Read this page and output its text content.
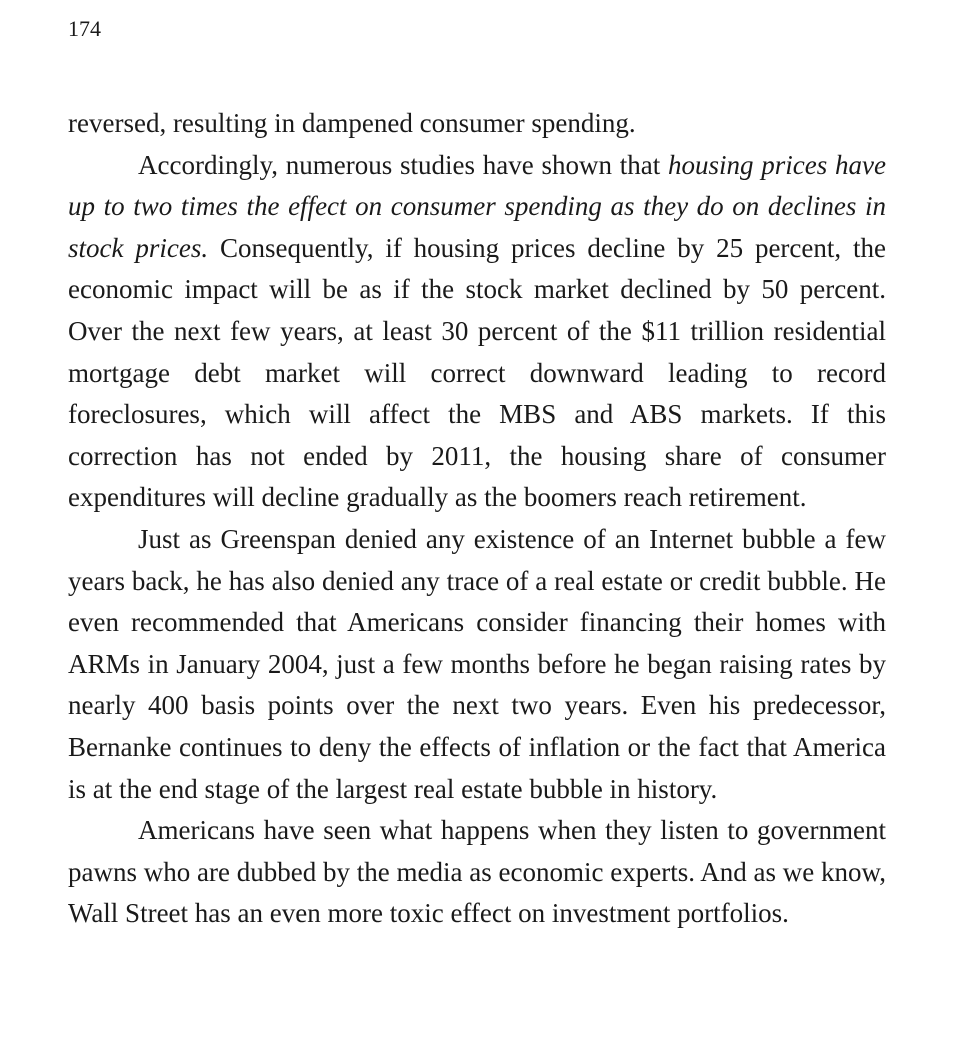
174

reversed, resulting in dampened consumer spending.

Accordingly, numerous studies have shown that housing prices have up to two times the effect on consumer spending as they do on declines in stock prices. Consequently, if housing prices decline by 25 percent, the economic impact will be as if the stock market declined by 50 percent. Over the next few years, at least 30 percent of the $11 trillion residential mortgage debt market will correct downward leading to record foreclosures, which will affect the MBS and ABS markets. If this correction has not ended by 2011, the housing share of consumer expenditures will decline gradually as the boomers reach retirement.

Just as Greenspan denied any existence of an Internet bubble a few years back, he has also denied any trace of a real estate or credit bubble. He even recommended that Americans consider financing their homes with ARMs in January 2004, just a few months before he began raising rates by nearly 400 basis points over the next two years. Even his predecessor, Bernanke continues to deny the effects of inflation or the fact that America is at the end stage of the largest real estate bubble in history.

Americans have seen what happens when they listen to government pawns who are dubbed by the media as economic experts. And as we know, Wall Street has an even more toxic effect on investment portfolios.
